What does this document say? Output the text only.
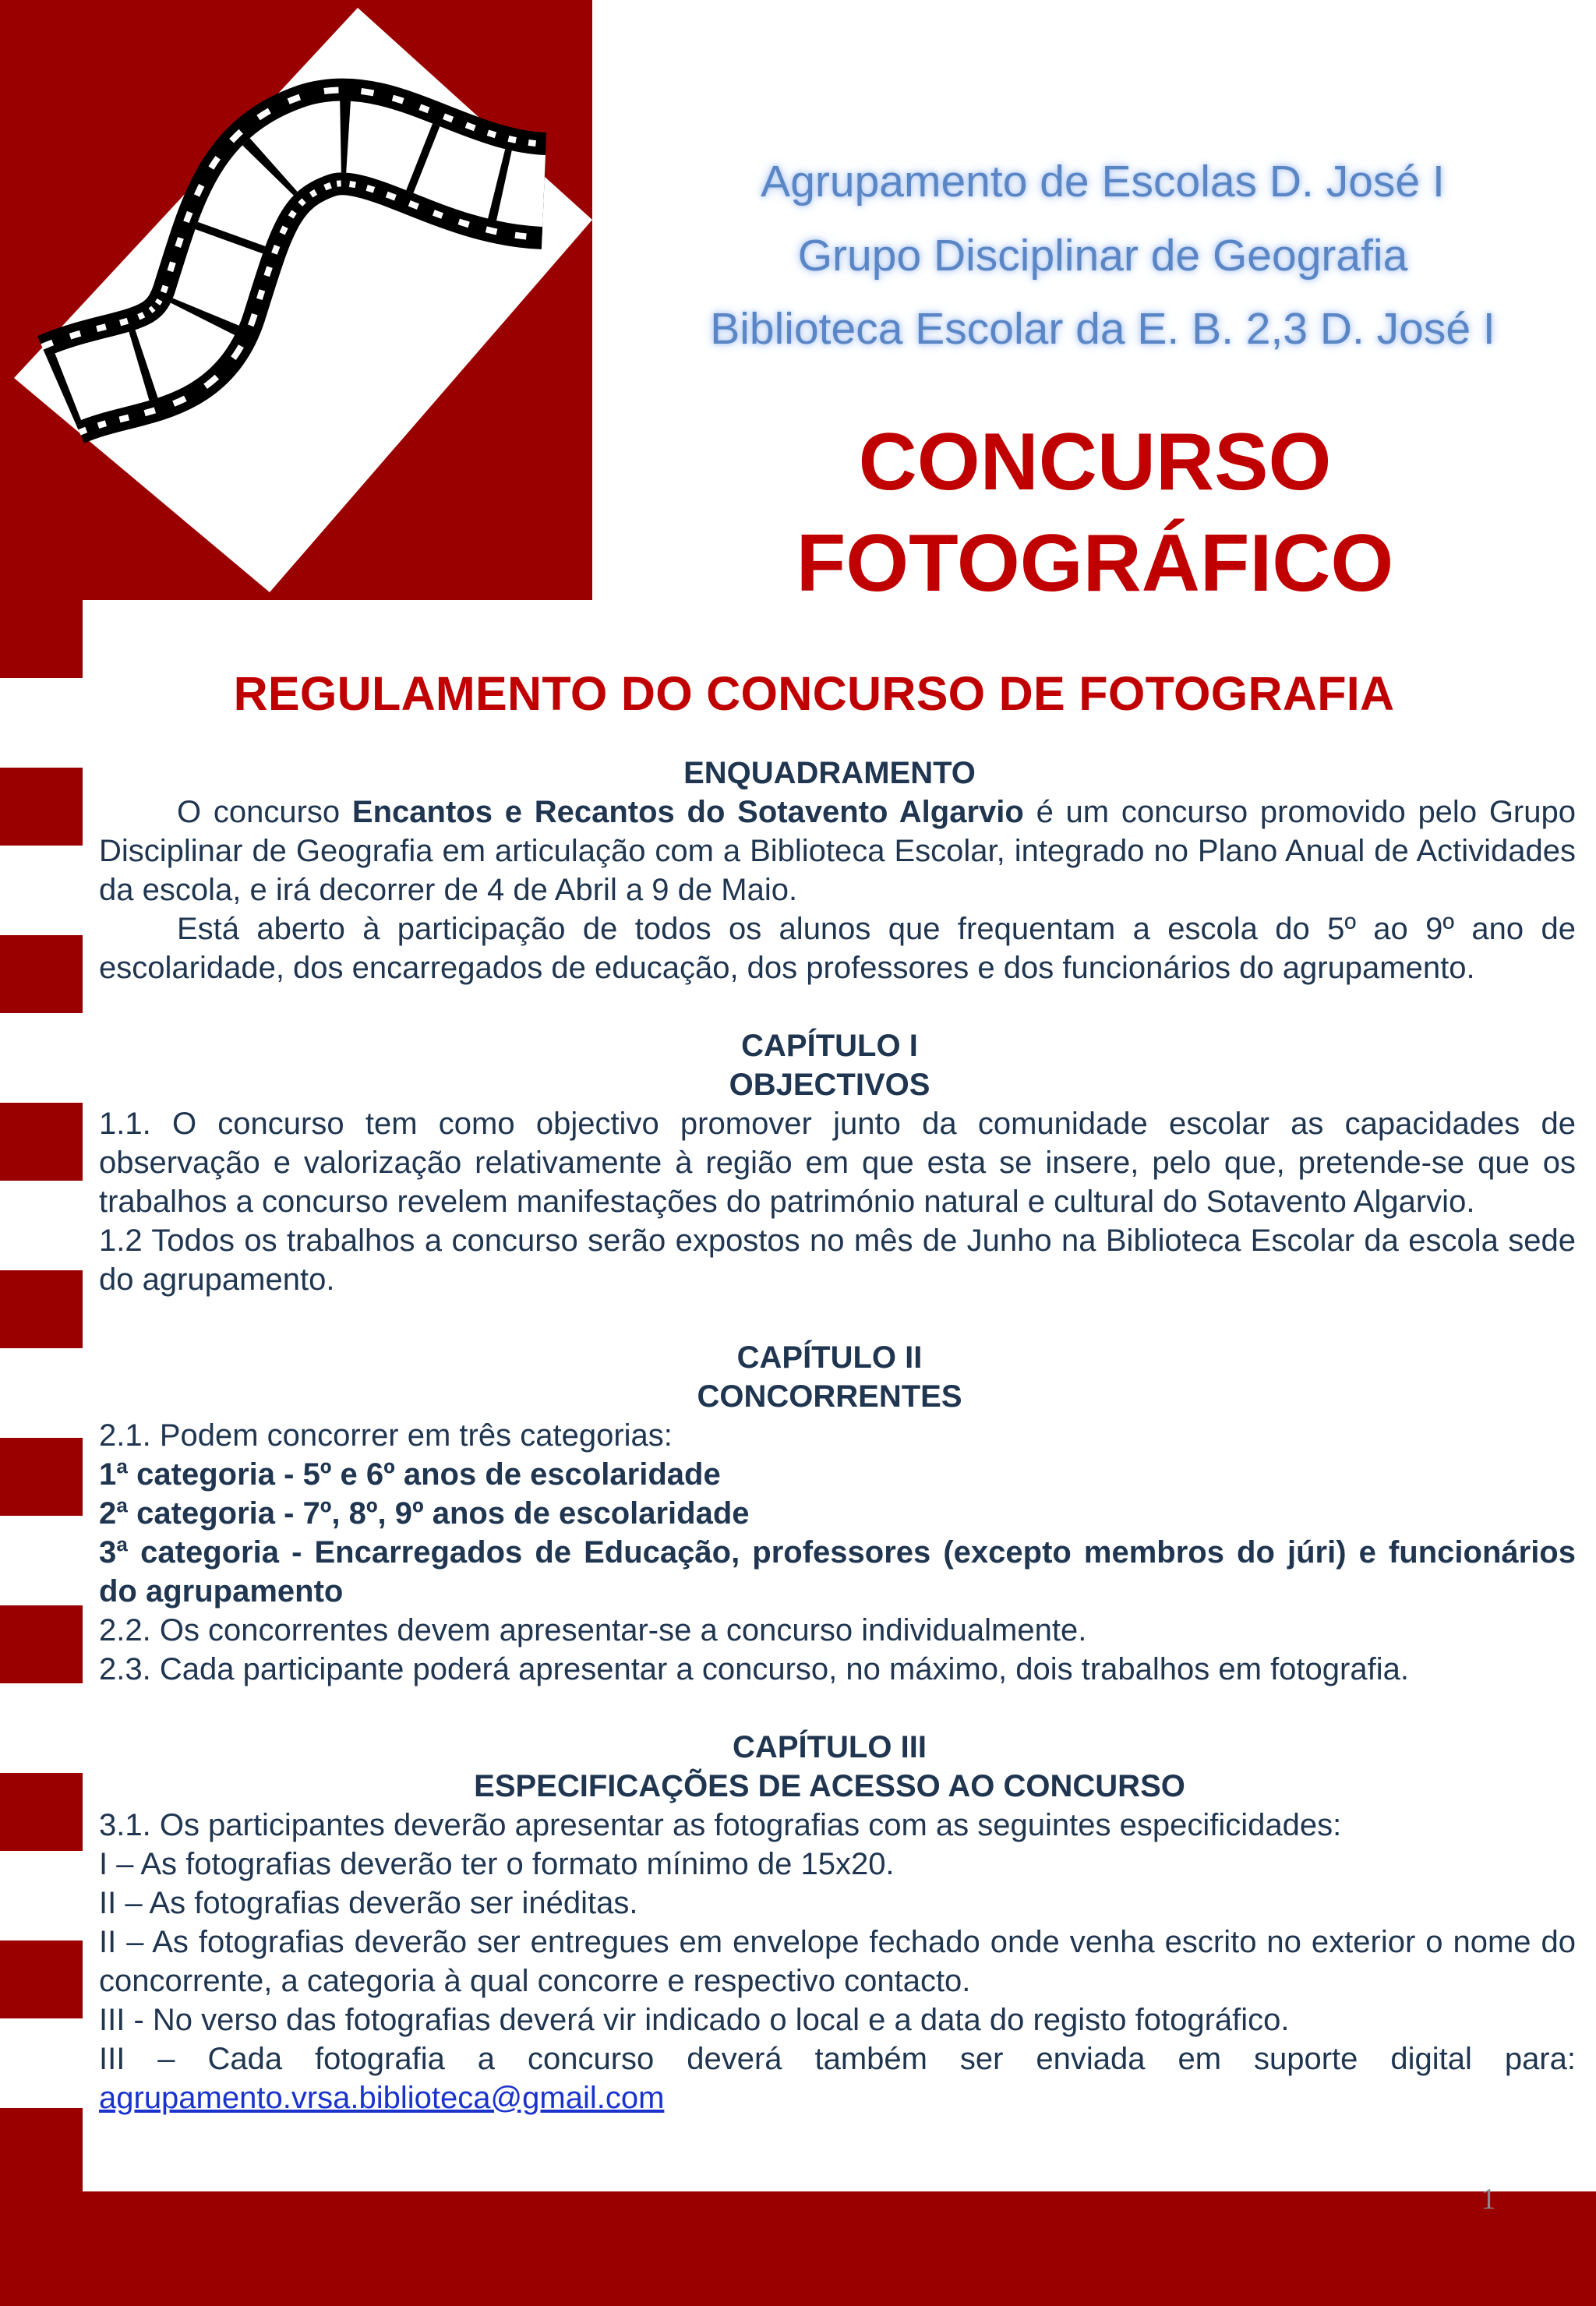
Agrupamento de Escolas D. José I
Grupo Disciplinar de Geografia
Biblioteca Escolar da E. B. 2,3 D. José I
CONCURSO
FOTOGRÁFICO
REGULAMENTO DO CONCURSO DE FOTOGRAFIA
ENQUADRAMENTO

O concurso Encantos e Recantos do Sotavento Algarvio é um concurso promovido pelo Grupo Disciplinar de Geografia em articulação com a Biblioteca Escolar, integrado no Plano Anual de Actividades da escola, e irá decorrer de 4 de Abril a 9 de Maio.

Está aberto à participação de todos os alunos que frequentam a escola do 5º ao 9º ano de escolaridade, dos encarregados de educação, dos professores e dos funcionários do agrupamento.

CAPÍTULO I
OBJECTIVOS

1.1. O concurso tem como objectivo promover junto da comunidade escolar as capacidades de observação e valorização relativamente à região em que esta se insere, pelo que, pretende-se que os trabalhos a concurso revelem manifestações do património natural e cultural do Sotavento Algarvio.

1.2 Todos os trabalhos a concurso serão expostos no mês de Junho na Biblioteca Escolar da escola sede do agrupamento.

CAPÍTULO II
CONCORRENTES

2.1. Podem concorrer em três categorias:

1ª categoria - 5º e 6º anos de escolaridade

2ª categoria - 7º, 8º, 9º anos de escolaridade

3ª categoria - Encarregados de Educação, professores (excepto membros do júri) e funcionários do agrupamento

2.2. Os concorrentes devem apresentar-se a concurso individualmente.

2.3. Cada participante poderá apresentar a concurso, no máximo, dois trabalhos em fotografia.

CAPÍTULO III
ESPECIFICAÇÕES DE ACESSO AO CONCURSO

3.1. Os participantes deverão apresentar as fotografias com as seguintes especificidades:

I – As fotografias deverão ter o formato mínimo de 15x20.

II – As fotografias deverão ser inéditas.

II – As fotografias deverão ser entregues em envelope fechado onde venha escrito no exterior o nome do concorrente, a categoria à qual concorre e respectivo contacto.

III - No verso das fotografias deverá vir indicado o local e a data do registo fotográfico.

III – Cada fotografia a concurso deverá também ser enviada em suporte digital para:

agrupamento.vrsa.biblioteca@gmail.com

1
